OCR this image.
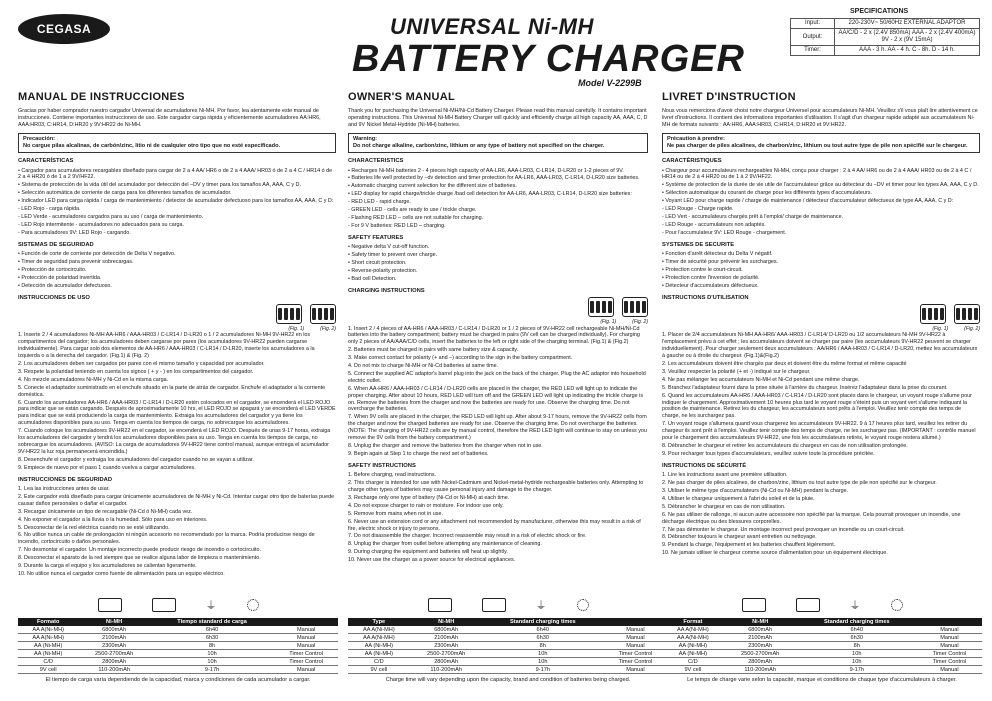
CEGASA	UNIVERSAL Ni-MH
BATTERY CHARGER
Model V-2299B
SPECIFICATIONS
Input:	220-230V~ 50/60Hz EXTERNAL ADAPTOR
Output:	AA/C/D - 2 x (2.4V 850mA) AAA - 2 x (2.4V 400mA) 9V - 2 x (9V 15mA)
Timer:	AAA - 3 h. AA - 4 h. C - 8h. D - 14 h.
MANUAL DE INSTRUCCIONES

Gracias por haber comprador nuestro cargador Universal de acumuladores Ni-MH. Por favor, lea atentamente este manual de instrucciones. Contiene importantes instrucciones de uso. Este cargador carga rápida y eficientemente acumuladores AA:HR6, AAA:HR03, C:HR14, D:HR20 y 9V:HR22 de Ni-MH.

Precaución:
No cargue pilas alcalinas, de carbón/zinc, litio ni de cualquier otro tipo que no esté especificado.
CARACTERÍSTICAS

• Cargador para acumuladores recargables diseñado para cargar de 2 a 4 AA/ HR6 o de 2 a 4 AAA/ HR03 ó de 2 a 4 C / HR14 ó de 2 a 4 HR20 ó de 1 a 2 9V/HF22.

• Sistema de protección de la vida útil del acumulador por detección del –DV y timer para los tamaños AA, AAA, C y D.

• Selección automática de corriente de carga para los diferentes tamaños de acumulador.

• Indicador LED para carga rápida / carga de mantenimiento / detector de acumulador defectuoso para los tamaños AA, AAA, C y D:

- LED Rojo - carga rápida.

- LED Verde - acumuladores cargados para su uso / carga de mantenimiento.

- LED Rojo intermitente - acumuladores no adecuados para su carga.

- Para acumuladores 9V: LED Rojo - cargando.

SISTEMAS DE SEGURIDAD

• Función de corte de corriente por detección de Delta V negativo.

• Timer de seguridad para prevenir sobrecargas.

• Protección de cortocircuito.

• Protección de polaridad invertida.

• Detección de acumulador defectuoso.

INSTRUCCIONES DE USO
(Fig. 1)	(Fig. 2)

1. Inserte 2 / 4 acumuladores Ni-MH AA-HR6 / AAA-HR03 / C-LR14 / D-LR20 o 1 / 2 acumuladores Ni-MH 9V-HR22 en los compartimentos del cargador; los acumuladores deben cargarse por pares (los acumuladores 9V-HR22 pueden cargarse individualmente). Para cargar solo dos elementos de AA-HR6 / AAA-HR03 / C-LR14 / D-LR20, inserte los acumuladores a la izquierda o a la derecha del cargador. (Fig.1) & (Fig. 2)

2. Los acumuladores deben ser cargados por pares con el mismo tamaño y capacidad por acumulador.

3. Respete la polaridad teniendo en cuenta los signos ( + y - ) en los compartimentos del cargador.

4. No mezcle acumuladores Ni-MH y Ni-Cd en la misma carga.

5. Conecte el adaptador suministrado en el enchufe situado en la parte de atrás de cargador. Enchufe el adaptador a la corriente doméstica.

6. Cuando los acumuladores AA-HR6 / AAA-HR03 / C-LR14 / D-LR20 estén colocados en el cargador, se encenderá el LED ROJO para indicar que se están cargando. Después de aproximadamente 10 hrs, el LED ROJO se apagará y se encenderá el LED VERDE para indicar que se está produciendo la carga de mantenimiento. Extraiga los acumuladores del cargador y ya tiene los acumuladores disponibles para su uso. Tenga en cuenta los tiempos de carga, no sobrecargue los acumuladores.

7. Cuando coloque los acumuladores 9V-HR22 en el cargador, se encenderá el LED ROJO. Después de unas 9-17 horas, extraiga los acumuladores del cargador y tendrá los acumuladores disponibles para su uso. Tenga en cuenta los tiempos de carga, no sobrecargue los acumuladores. (AVISO: La carga de acumuladores 9V-HR22 tiene control manual, aunque entrega el acumulador 9V-HR22 la luz roja permanecerá encendida.)

8. Desenchufe el cargador y extraiga los acumuladores del cargador cuando no se vayan a utilizar.

9. Empiece de nuevo por el paso 1 cuando vuelva a cargar acumuladores.

INSTRUCCIONES DE SEGURIDAD

1. Lea las instrucciones antes de usar.

2. Este cargador está diseñado para cargar únicamente acumuladores de Ni-MH y Ni-Cd. Intentar cargar otro tipo de baterías puede causar daños personales o dañar el cargador.

3. Recargar únicamente un tipo de recargable (Ni-Cd ó Ni-MH) cada vez.

4. No exponer el cargador a la lluvia o la humedad. Sólo para uso en interiores.

5. Desconectar de la red eléctrica cuando no se esté utilizando.

6. No utilice nunca un cable de prolongación ni ningún accesorio no recomendado por la marca. Podría producirse riesgo de incendio, cortocircuito o daños personales.

7. No desmontar el cargador. Un montaje incorrecto puede producir riesgo de incendio o cortocircuito.

8. Desconectar el aparato de la red siempre que se realice alguna labor de limpieza o mantenimiento.

9. Durante la carga el equipo y los acumuladores se calientan ligeramente.

10. No utilice nunca el cargador como fuente de alimentación para un equipo eléctrico.

OWNER'S MANUAL

Thank you for purchasing the Universal Ni-MH/Ni-Cd Battery Charger. Please read this manual carefully. It contains important operating instructions. This Universal Ni-MH Battery Charger will quickly and efficiently charge all high capacity AA, AAA, C, D and 9V Nickel Metal-Hydride (Ni-MH) batteries.

Warning:
Do not charge alkaline, carbon/zinc, lithium or any type of battery not specified on the charger.
CHARACTERISTICS

• Recharges Ni-MH batteries 2 - 4 pieces high capacity of AA-LR6, AAA-LR03, C-LR14, D-LR20 or 1-2 pieces of 9V.

• Batteries life well protected by –dv detection and timer protection for AA-LR6, AAA-LR03, C-LR14, D-LR20 size batteries.

• Automatic charging current selection for the different size of batteries.

• LED display for rapid charge/trickle charge /bad cell detection for AA-LR6, AAA-LR03, C-LR14, D-LR20 size batteries:

- RED LED - rapid charge.

- GREEN LED - cells are ready to use / trickle charge.

- Flashing RED LED – cells are not suitable for charging.

- For 9 V batteries: RED LED – charging.

SAFETY FEATURES

• Negative delta V cut-off function.

• Safety timer to prevent over charge.

• Short circuit protection.

• Reverse-polarity protection.

• Bad cell Detection.

CHARGING INSTRUCTIONS
(Fig. 1)	(Fig. 2)

1. Insert 2 / 4 pieces of AA-HR6 / AAA-HR03 / C-LR14 / D-LR20 or 1 / 2 pieces of 9V-HR22 cell rechargeable Ni-MH/Ni-Cd batteries into the battery compartment; battery must be charged in pairs (9V cell can be charged individually). For charging only 2 pieces of AA/AAA/C/D cells, insert the batteries to the left or right side of the charging terminal. (Fig.1) & (Fig.2)

2. Batteries must be charged in pairs with same battery size & capacity.

3. Make correct contact for polarity (+ and –) according to the sign in the battery compartment.

4. Do not mix to charge Ni-MH or Ni-Cd batteries at same time.

5. Connect the supplied AC adaptor's barrel plug into the jack on the back of the charger. Plug the AC adaptor into household electric outlet.

6. When AA-HR6 / AAA-HR03 / C-LR14 / D-LR20 cells are placed in the charger, the RED LED will light up to indicate the proper charging. After about 10 hours, RED LED will turn off and the GREEN LED will light up indicating the trickle charge is on. Remove the batteries from the charger and now the batteries are ready for use. Observe the charging time. Do not overcharge the batteries.

7. When 9V cells are placed in the charger, the RED LED will light up. After about 9-17 hours, remove the 9V-HR22 cells from the charger and now the charged batteries are ready for use. Observe the charging time. Do not overcharge the batteries. (NOTE: The charging of 9V-HR22 cells are by manual control, therefore the RED LED light will continue to stay on unless you remove the 9V cells from the battery compartment.)

8. Unplug the charger and remove the batteries from the charger when not in use.

9. Begin again at Step 1 to charge the next set of batteries.

SAFETY INSTRUCTIONS

1. Before charging, read instructions.

2. This charger is intended for use with Nickel-Cadmium and Nickel-metal-hydride rechargeable batteries only. Attempting to charge other types of batteries may cause personal injury and damage to the charger.

3. Recharge only one type of battery (Ni-Cd or Ni-MH) at each time.

4. Do not expose charger to rain or moisture. For indoor use only.

5. Remove from mains when not in use.

6. Never use an extension cord or any attachment not recommended by manufacturer, otherwise this may result in a risk of fire, electric shock or injury to persons.

7. Do not disassemble the charger. Incorrect reassemble may result in a risk of electric shock or fire.

8. Unplug the charger from outlet before attempting any maintenance of cleaning.

9. During charging the equipment and batteries will heat up slightly.

10. Never use the charger as a power source for electrical appliances.

LIVRET D'INSTRUCTION

Nous vous remercions d'avoir choisi notre chargeur Universel pour accumulateurs Ni-MH. Veuillez s'il vous plaît lire attentivement ce livret d'instructions. Il contient des informations importantes d'utilisation. Il s'agit d'un chargeur rapide adapté aux accumulateurs Ni-MH de formats suivants : AA:HR6, AAA:HR03, C:HR14, D:HR20 et 9V:HR22.

Précaution à prendre:
Ne pas charger de piles alcalines, de charbon/zinc, lithium ou tout autre type de pile non spécifié sur le chargeur.
CARACTÉRISTIQUES

• Chargeur pour accumulateurs rechargeables Ni-MH, conçu pour charger : 2 à 4 AA/ HR6 ou de 2 à 4 AAA/ HR03 ou de 2 à 4 C / HR14 ou de 2 à 4 HR20 ou de 1 à 2 9V/HF22.

• Système de protection de la durée de vie utile de l'accumulateur grâce au détecteur du –DV et timer pour les types AA, AAA, C y D.

• Sélection automatique du courant de charge pour les différents types d'accumulateurs.

• Voyant LED pour charge rapide / charge de maintenance / détecteur d'accumulateur défectueux de type AA, AAA, C y D:

- LED Rouge - Charge rapide.

- LED Vert - accumulateurs chargés prêt à l'emploi/ charge de maintenance.

- LED Rouge - accumulateurs non adaptés.

- Pour l'accumulateur 9V: LED Rouge - chargement.

SYSTEMES DE SECURITE

• Fonction d'arrêt détecteur du Delta V négatif.

• Timer de sécurité pour prévenir les surcharges.

• Protection contre le court-circuit.

• Protection contre l'inversion de polarité.

• Détecteur d'accumulateurs défectueux.

INSTRUCTIONS D'UTILISATION
(Fig. 1)	(Fig. 2)

1. Placer de 2/4 accumulateurs Ni-MH AA-HR6/ AAA-HR03 / C-LR14/ D-LR20 ou 1/2 accumulateurs Ni-MH 9V-HR22 à l'emplacement prévu à cet effet ; les accumulateurs doivent se charger par paire (les accumulateurs 9V-HR22 peuvent se charger individuellement). Pour charger seulement deux accumulateurs : AA/HR6 / AAA-HR03 / C-LR14 / D-LR20, mettez les accumulateurs à gauche ou à droite du chargeur. (Fig.1)&(Fig.2)

2. Les accumulateurs doivent être chargés par deux et doivent être du même format et même capacité

3. Veuillez respecter la polarité (+ et -) indiqué sur le chargeur.

4. Ne pas mélanger les accumulateurs Ni-MH et Ni-Cd pendant une même charge.

5. Branchez l'adaptateur fourni dans la prise située à l'arrière du chargeur. Insérez l'adaptateur dans la prise du courant.

6. Quand les accumulateurs AA-HR6 / AAA-HR03 / C-LR14 / D-LR20 sont placés dans le chargeur, un voyant rouge s'allume pour indiquer le chargement. Approximativement 10 heures plus tard le voyant rouge s'éteint puis un voyant vert s'allume indiquant la position de maintenance. Retirez les du chargeur, les accumulateurs sont prêts à l'emploi. Veuillez tenir compte des temps de charge, ne les surchargez pas.

7. Un voyant rouge s'allumera quand vous chargerez les accumulateurs 9V-HR22. 9 à 17 heures plus tard, veuillez les retirer du chargeur ils sont prêt à l'emploi. Veuillez tenir compte des temps de charge, ne les surchargez pas. (IMPORTANT : contrôle manuel pour le chargement des accumulateurs 9V-HR22, une fois les accumulateurs retirés, le voyant rouge restera allumé.)

8. Débrancher le chargeur et retirer les accumulateurs du chargeur en cas de non utilisation prolongée.

9. Pour recharger tous types d'accumulateurs, veuillez suivre toute la procédure précitée.

INSTRUCTIONS DE SÉCURITÉ

1. Lire les instructions avant une première utilisation.

2. Ne pas charger de piles alcalines, de charbon/zinc, lithium ou tout autre type de pile non spécifié sur le chargeur.

3. Utiliser le même type d'accumulateurs (Ni-Cd ou Ni-MH) pendant la charge.

4. Utiliser le chargeur uniquement à l'abri du soleil et de la pluie.

5. Débrancher le chargeur en cas de non utilisation.

6. Ne pas utiliser de rallonge, ni aucun autre accessoire non spécifié par la marque. Cela pourrait provoquer un incendie, une décharge électrique ou des blessures corporelles.

7. Ne pas démonter le chargeur. Un montage incorrect peut provoquer un incendie ou un court-circuit.

8. Débrancher toujours le chargeur avant entretien ou nettoyage.

9. Pendant la charge, l'équipement et les batteries chauffent légèrement.

10. Ne jamais utiliser le chargeur comme source d'alimentation pour un équipement électrique.

⏚
Formato	Ni-MH	Tiempo standard de carga	
AA A(Ni-MH)	6800mAh	6h40	Manual
AA A(Ni-MH)	2100mAh	6h30	Manual
AA (Ni-MH)	2300mAh	8h	Manual
AA (Ni-MH)	2500-2700mAh	10h	Timer Control
C/D	2800mAh	10h	Timer Control
9V cell	110-200mAh	9-17h	Manual
El tiempo de carga varía dependiendo de la capacidad, marca y condiciones de cada acumulador a cargar.
⏚
Type	Ni-MH	Standard charging times	
AA A(Ni-MH)	6800mAh	6h40	Manual
AA A(Ni-MH)	2100mAh	6h30	Manual
AA (Ni-MH)	2300mAh	8h	Manual
AA (Ni-MH)	2500-2700mAh	10h	Timer Control
C/D	2800mAh	10h	Timer Control
9V cell	110-200mAh	9-17h	Manual
Charge time will vary depending upon the capacity, brand and condition of batteries being charged.
⏚
Format	Ni-MH	Standard charging times	
AA A(Ni-MH)	6800mAh	6h40	Manual
AA A(Ni-MH)	2100mAh	6h30	Manual
AA (Ni-MH)	2300mAh	8h	Manual
AA (Ni-MH)	2500-2700mAh	10h	Timer Control
C/D	2800mAh	10h	Timer Control
9V cell	110-200mAh	9-17h	Manual
Le temps de charge varie selon la capacité, marque et conditions de chaque type d'accumulateurs à charger.
